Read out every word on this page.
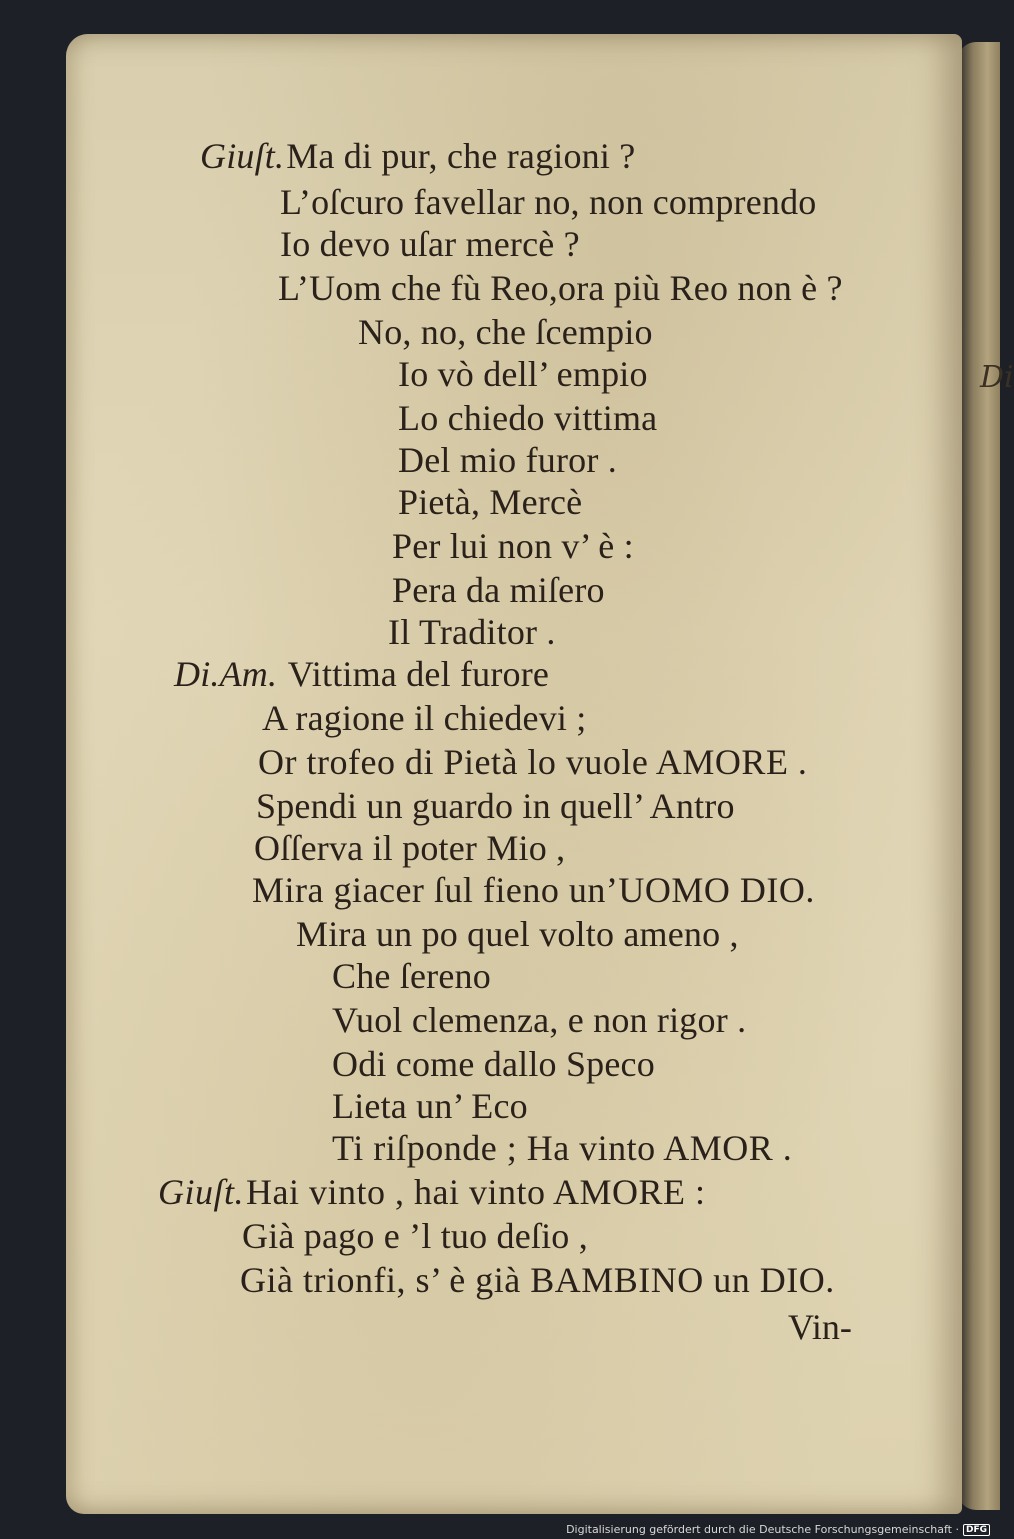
Di
Giuſt.Ma di pur, che ragioni ?
L’oſcuro favellar no, non comprendo
Io devo uſar mercè ?
L’Uom che fù Reo,ora più Reo non è ?
No, no, che ſcempio
Io vò dell’ empio
Lo chiedo vittima
Del mio furor .
Pietà, Mercè
Per lui non v’ è :
Pera da miſero
Il Traditor .
Di.Am. Vittima del furore
A ragione il chiedevi ;
Or trofeo di Pietà lo vuole AMORE .
Spendi un guardo in quell’ Antro
Oſſerva il poter Mio ,
Mira giacer ſul fieno un’UOMO DIO.
Mira un po quel volto ameno ,
Che ſereno
Vuol clemenza, e non rigor .
Odi come dallo Speco
Lieta un’ Eco
Ti riſponde ; Ha vinto AMOR .
Giuſt.Hai vinto , hai vinto AMORE :
Già pago e ’l tuo deſio ,
Già trionfi, s’ è già BAMBINO un DIO.
Vin-
Digitalisierung gefördert durch die Deutsche Forschungsgemeinschaft · DFG
